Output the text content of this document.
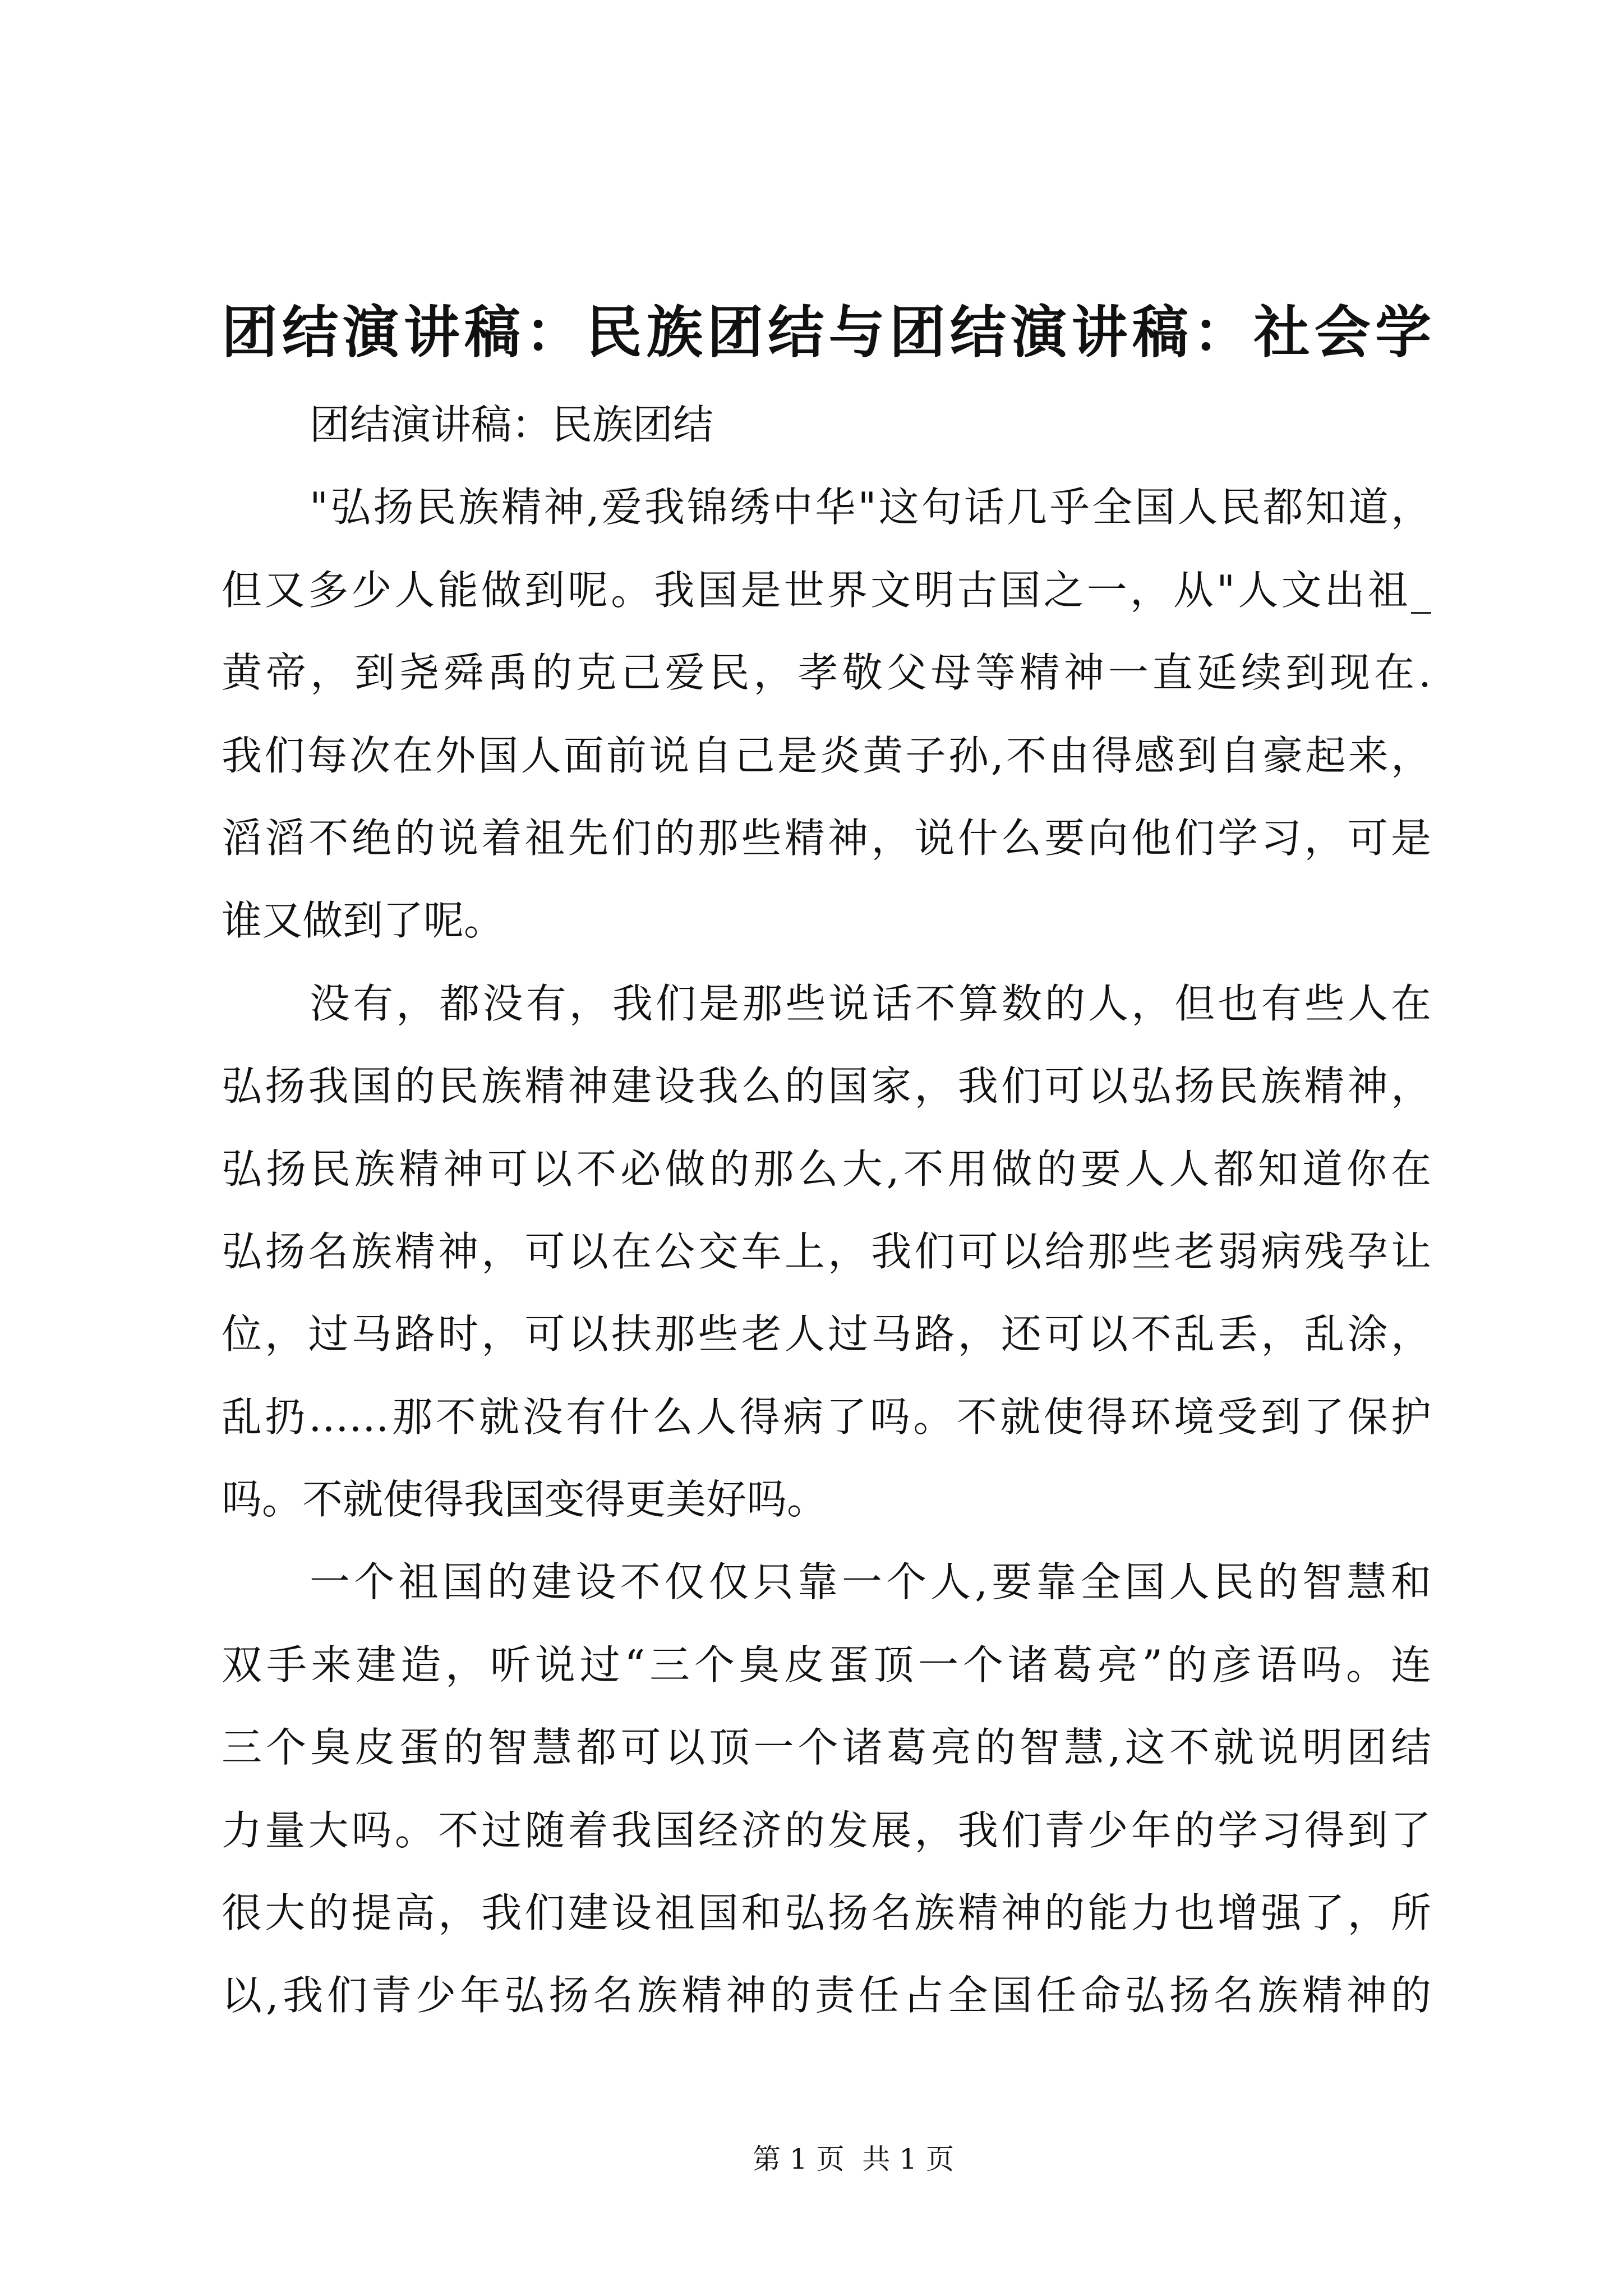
团结演讲稿：民族团结与团结演讲稿：社会学
团结演讲稿：民族团结
"弘扬民族精神,爱我锦绣中华"这句话几乎全国人民都知道，
但又多少人能做到呢。我国是世界文明古国之一，从"人文出祖_
黄帝，到尧舜禹的克己爱民，孝敬父母等精神一直延续到现在.
我们每次在外国人面前说自己是炎黄子孙,不由得感到自豪起来，
滔滔不绝的说着祖先们的那些精神，说什么要向他们学习，可是
谁又做到了呢。
没有，都没有，我们是那些说话不算数的人，但也有些人在
弘扬我国的民族精神建设我么的国家，我们可以弘扬民族精神，
弘扬民族精神可以不必做的那么大,不用做的要人人都知道你在
弘扬名族精神，可以在公交车上，我们可以给那些老弱病残孕让
位，过马路时，可以扶那些老人过马路，还可以不乱丢，乱涂，
乱扔……那不就没有什么人得病了吗。不就使得环境受到了保护
吗。不就使得我国变得更美好吗。
一个祖国的建设不仅仅只靠一个人,要靠全国人民的智慧和
双手来建造，听说过“三个臭皮蛋顶一个诸葛亮”的彦语吗。连
三个臭皮蛋的智慧都可以顶一个诸葛亮的智慧,这不就说明团结
力量大吗。不过随着我国经济的发展，我们青少年的学习得到了
很大的提高，我们建设祖国和弘扬名族精神的能力也增强了，所
以,我们青少年弘扬名族精神的责任占全国任命弘扬名族精神的
第 1 页  共 1 页
